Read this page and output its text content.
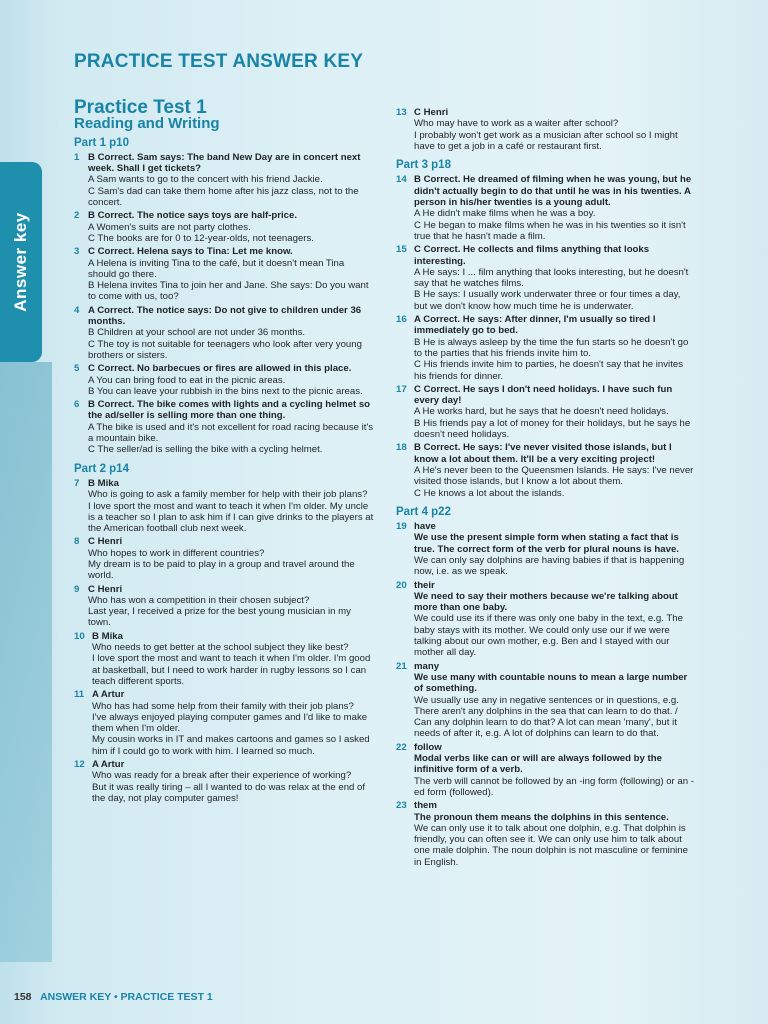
Answer key
PRACTICE TEST ANSWER KEY
Practice Test 1
Reading and Writing
Part 1 p10
1 B Correct. Sam says: The band New Day are in concert next week. Shall I get tickets?
A Sam wants to go to the concert with his friend Jackie.
C Sam's dad can take them home after his jazz class, not to the concert.
2 B Correct. The notice says toys are half-price.
A Women's suits are not party clothes.
C The books are for 0 to 12-year-olds, not teenagers.
3 C Correct. Helena says to Tina: Let me know.
A Helena is inviting Tina to the café, but it doesn't mean Tina should go there.
B Helena invites Tina to join her and Jane. She says: Do you want to come with us, too?
4 A Correct. The notice says: Do not give to children under 36 months.
B Children at your school are not under 36 months.
C The toy is not suitable for teenagers who look after very young brothers or sisters.
5 C Correct. No barbecues or fires are allowed in this place.
A You can bring food to eat in the picnic areas.
B You can leave your rubbish in the bins next to the picnic areas.
6 B Correct. The bike comes with lights and a cycling helmet so the ad/seller is selling more than one thing.
A The bike is used and it's not excellent for road racing because it's a mountain bike.
C The seller/ad is selling the bike with a cycling helmet.
Part 2 p14
7 B Mika
Who is going to ask a family member for help with their job plans?
I love sport the most and want to teach it when I'm older. My uncle is a teacher so I plan to ask him if I can give drinks to the players at the American football club next week.
8 C Henri
Who hopes to work in different countries?
My dream is to be paid to play in a group and travel around the world.
9 C Henri
Who has won a competition in their chosen subject?
Last year, I received a prize for the best young musician in my town.
10 B Mika
Who needs to get better at the school subject they like best?
I love sport the most and want to teach it when I'm older. I'm good at basketball, but I need to work harder in rugby lessons so I can teach different sports.
11 A Artur
Who has had some help from their family with their job plans?
I've always enjoyed playing computer games and I'd like to make them when I'm older.
My cousin works in IT and makes cartoons and games so I asked him if I could go to work with him. I learned so much.
12 A Artur
Who was ready for a break after their experience of working?
But it was really tiring – all I wanted to do was relax at the end of the day, not play computer games!
13 C Henri
Who may have to work as a waiter after school?
I probably won't get work as a musician after school so I might have to get a job in a café or restaurant first.
Part 3 p18
14 B Correct. He dreamed of filming when he was young, but he didn't actually begin to do that until he was in his twenties. A person in his/her twenties is a young adult.
A He didn't make films when he was a boy.
C He began to make films when he was in his twenties so it isn't true that he hasn't made a film.
15 C Correct. He collects and films anything that looks interesting.
A He says: I ... film anything that looks interesting, but he doesn't say that he watches films.
B He says: I usually work underwater three or four times a day, but we don't know how much time he is underwater.
16 A Correct. He says: After dinner, I'm usually so tired I immediately go to bed.
B He is always asleep by the time the fun starts so he doesn't go to the parties that his friends invite him to.
C His friends invite him to parties, he doesn't say that he invites his friends for dinner.
17 C Correct. He says I don't need holidays. I have such fun every day!
A He works hard, but he says that he doesn't need holidays.
B His friends pay a lot of money for their holidays, but he says he doesn't need holidays.
18 B Correct. He says: I've never visited those islands, but I know a lot about them. It'll be a very exciting project!
A He's never been to the Queensmen Islands. He says: I've never visited those islands, but I know a lot about them.
C He knows a lot about the islands.
Part 4 p22
19 have
We use the present simple form when stating a fact that is true. The correct form of the verb for plural nouns is have.
We can only say dolphins are having babies if that is happening now, i.e. as we speak.
20 their
We need to say their mothers because we're talking about more than one baby.
We could use its if there was only one baby in the text, e.g. The baby stays with its mother. We could only use our if we were talking about our own mother, e.g. Ben and I stayed with our mother all day.
21 many
We use many with countable nouns to mean a large number of something.
We usually use any in negative sentences or in questions, e.g. There aren't any dolphins in the sea that can learn to do that. / Can any dolphin learn to do that? A lot can mean 'many', but it needs of after it, e.g. A lot of dolphins can learn to do that.
22 follow
Modal verbs like can or will are always followed by the infinitive form of a verb.
The verb will cannot be followed by an -ing form (following) or an -ed form (followed).
23 them
The pronoun them means the dolphins in this sentence.
We can only use it to talk about one dolphin, e.g. That dolphin is friendly, you can often see it. We can only use him to talk about one male dolphin. The noun dolphin is not masculine or feminine in English.
158 ANSWER KEY • PRACTICE TEST 1
